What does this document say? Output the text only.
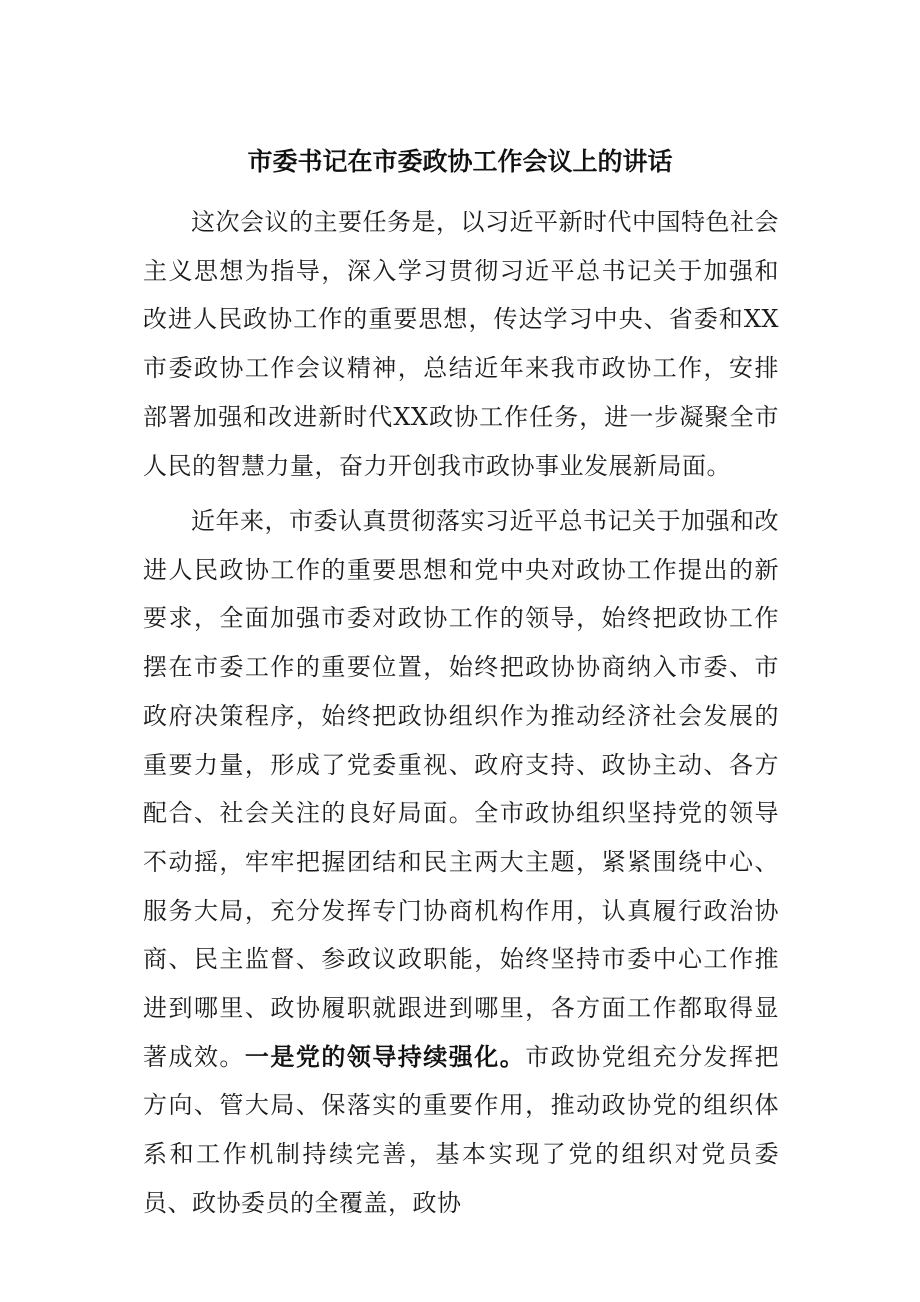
市委书记在市委政协工作会议上的讲话

这次会议的主要任务是，以习近平新时代中国特色社会主义思想为指导，深入学习贯彻习近平总书记关于加强和改进人民政协工作的重要思想，传达学习中央、省委和XX市委政协工作会议精神，总结近年来我市政协工作，安排部署加强和改进新时代XX政协工作任务，进一步凝聚全市人民的智慧力量，奋力开创我市政协事业发展新局面。

近年来，市委认真贯彻落实习近平总书记关于加强和改进人民政协工作的重要思想和党中央对政协工作提出的新要求，全面加强市委对政协工作的领导，始终把政协工作摆在市委工作的重要位置，始终把政协协商纳入市委、市政府决策程序，始终把政协组织作为推动经济社会发展的重要力量，形成了党委重视、政府支持、政协主动、各方配合、社会关注的良好局面。全市政协组织坚持党的领导不动摇，牢牢把握团结和民主两大主题，紧紧围绕中心、服务大局，充分发挥专门协商机构作用，认真履行政治协商、民主监督、参政议政职能，始终坚持市委中心工作推进到哪里、政协履职就跟进到哪里，各方面工作都取得显著成效。一是党的领导持续强化。市政协党组充分发挥把方向、管大局、保落实的重要作用，推动政协党的组织体系和工作机制持续完善，基本实现了党的组织对党员委员、政协委员的全覆盖，政协
